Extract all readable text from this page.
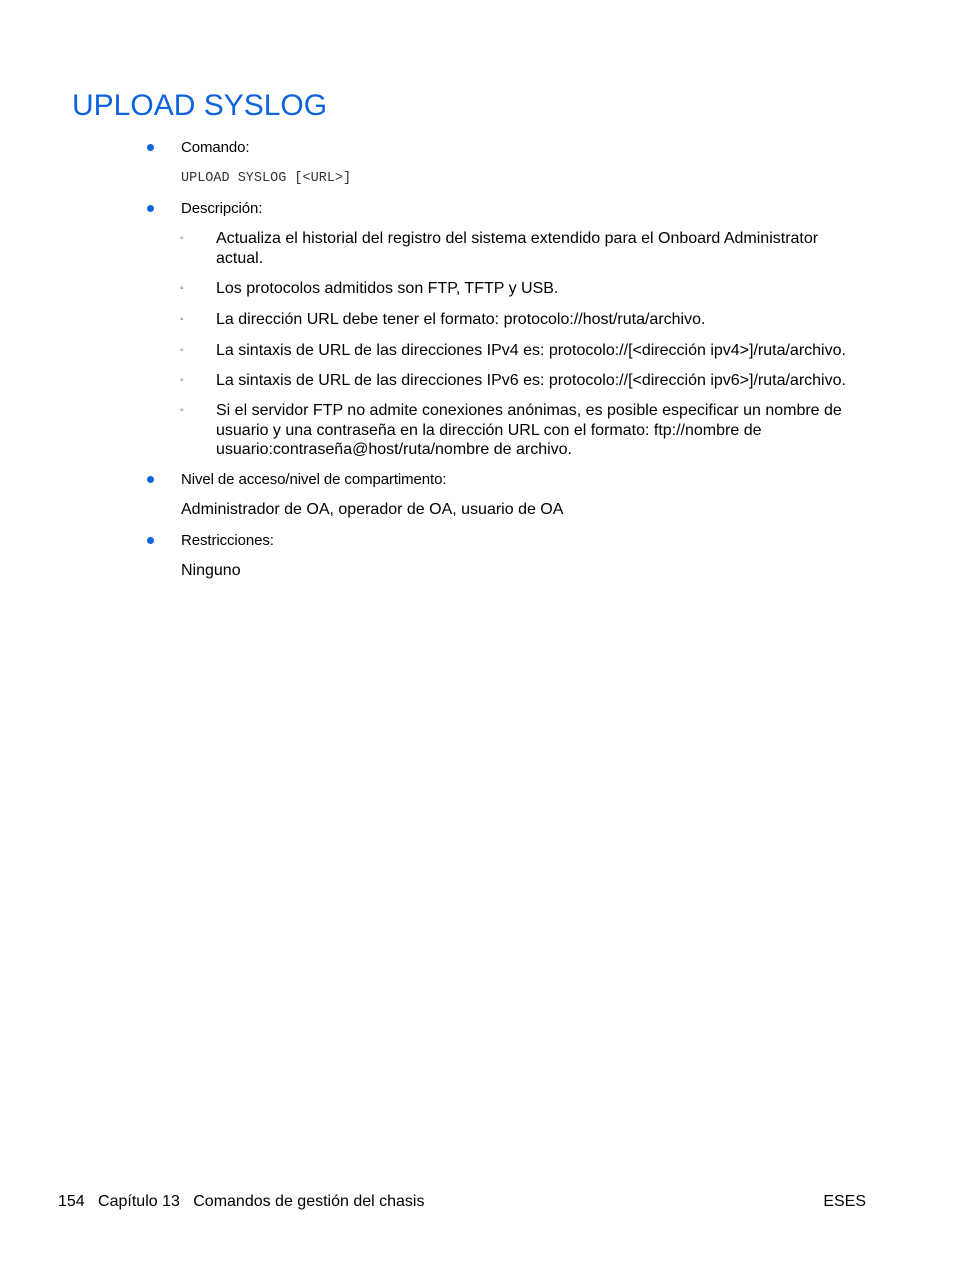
UPLOAD SYSLOG
Comando:
UPLOAD SYSLOG [<URL>]
Descripción:
◦ Actualiza el historial del registro del sistema extendido para el Onboard Administrator actual.
◦ Los protocolos admitidos son FTP, TFTP y USB.
◦ La dirección URL debe tener el formato: protocolo://host/ruta/archivo.
◦ La sintaxis de URL de las direcciones IPv4 es: protocolo://[<dirección ipv4>]/ruta/archivo.
◦ La sintaxis de URL de las direcciones IPv6 es: protocolo://[<dirección ipv6>]/ruta/archivo.
◦ Si el servidor FTP no admite conexiones anónimas, es posible especificar un nombre de usuario y una contraseña en la dirección URL con el formato: ftp://nombre de usuario:contraseña@host/ruta/nombre de archivo.
Nivel de acceso/nivel de compartimento:
Administrador de OA, operador de OA, usuario de OA
Restricciones:
Ninguno
154 Capítulo 13 Comandos de gestión del chasis	ESES
